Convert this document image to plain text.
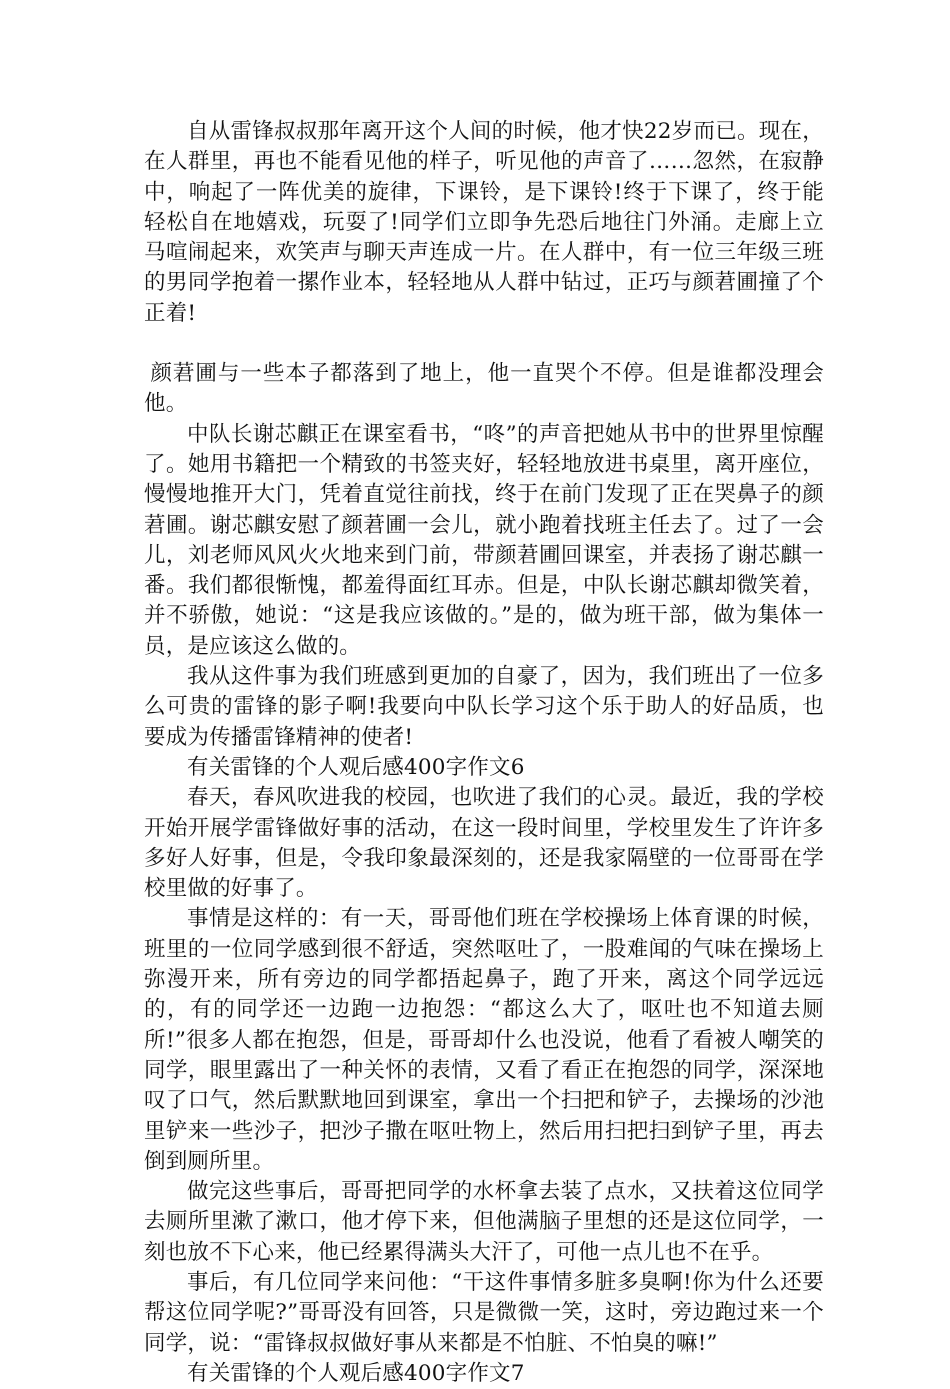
自从雷锋叔叔那年离开这个人间的时候，他才快22岁而已。现在，在人群里，再也不能看见他的样子，听见他的声音了……忽然，在寂静中，响起了一阵优美的旋律，下课铃，是下课铃!终于下课了，终于能轻松自在地嬉戏，玩耍了!同学们立即争先恐后地往门外涌。走廊上立马喧闹起来，欢笑声与聊天声连成一片。在人群中，有一位三年级三班的男同学抱着一摞作业本，轻轻地从人群中钻过，正巧与颜莙圃撞了个正着!

颜莙圃与一些本子都落到了地上，他一直哭个不停。但是谁都没理会他。

中队长谢芯麒正在课室看书，“咚”的声音把她从书中的世界里惊醒了。她用书籍把一个精致的书签夹好，轻轻地放进书桌里，离开座位，慢慢地推开大门，凭着直觉往前找，终于在前门发现了正在哭鼻子的颜莙圃。谢芯麒安慰了颜莙圃一会儿，就小跑着找班主任去了。过了一会儿，刘老师风风火火地来到门前，带颜莙圃回课室，并表扬了谢芯麒一番。我们都很惭愧，都羞得面红耳赤。但是，中队长谢芯麒却微笑着，并不骄傲，她说：“这是我应该做的。”是的，做为班干部，做为集体一员，是应该这么做的。

我从这件事为我们班感到更加的自豪了，因为，我们班出了一位多么可贵的雷锋的影子啊!我要向中队长学习这个乐于助人的好品质，也要成为传播雷锋精神的使者!

有关雷锋的个人观后感400字作文6

春天，春风吹进我的校园，也吹进了我们的心灵。最近，我的学校开始开展学雷锋做好事的活动，在这一段时间里，学校里发生了许许多多好人好事，但是，令我印象最深刻的，还是我家隔壁的一位哥哥在学校里做的好事了。

事情是这样的：有一天，哥哥他们班在学校操场上体育课的时候，班里的一位同学感到很不舒适，突然呕吐了，一股难闻的气味在操场上弥漫开来，所有旁边的同学都捂起鼻子，跑了开来，离这个同学远远的，有的同学还一边跑一边抱怨：“都这么大了，呕吐也不知道去厕所!”很多人都在抱怨，但是，哥哥却什么也没说，他看了看被人嘲笑的同学，眼里露出了一种关怀的表情，又看了看正在抱怨的同学，深深地叹了口气，然后默默地回到课室，拿出一个扫把和铲子，去操场的沙池里铲来一些沙子，把沙子撒在呕吐物上，然后用扫把扫到铲子里，再去倒到厕所里。

做完这些事后，哥哥把同学的水杯拿去装了点水，又扶着这位同学去厕所里漱了漱口，他才停下来，但他满脑子里想的还是这位同学，一刻也放不下心来，他已经累得满头大汗了，可他一点儿也不在乎。

事后，有几位同学来问他：“干这件事情多脏多臭啊!你为什么还要帮这位同学呢?”哥哥没有回答，只是微微一笑，这时，旁边跑过来一个同学，说：“雷锋叔叔做好事从来都是不怕脏、不怕臭的嘛!”

有关雷锋的个人观后感400字作文7
